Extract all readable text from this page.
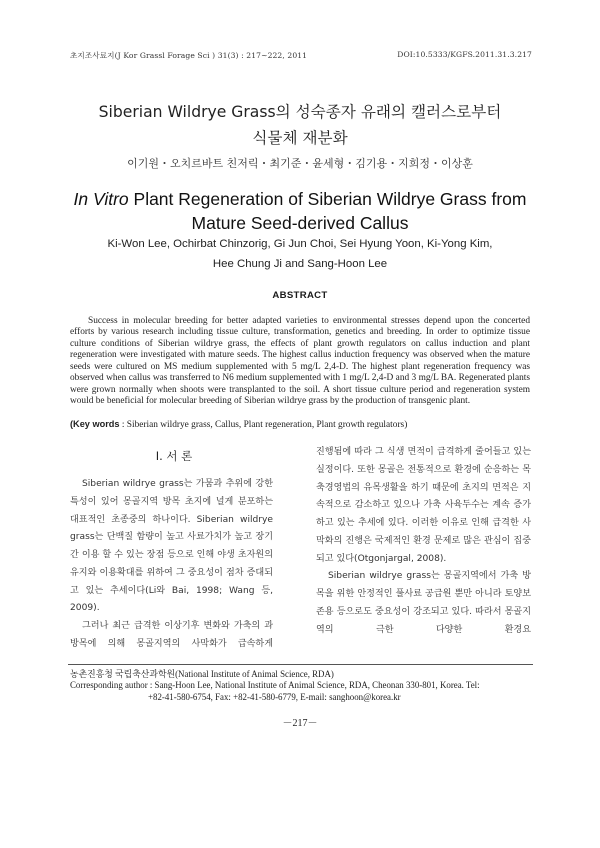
초지조사료지(J Kor Grassl Forage Sci ) 31(3) : 217~222, 2011	DOI:10.5333/KGFS.2011.31.3.217
Siberian Wildrye Grass의 성숙종자 유래의 캘러스로부터
식물체 재분화
이기원・오치르바트 친저릭・최기준・윤세형・김기용・지희정・이상훈
In Vitro Plant Regeneration of Siberian Wildrye Grass from
Mature Seed-derived Callus
Ki-Won Lee, Ochirbat Chinzorig, Gi Jun Choi, Sei Hyung Yoon, Ki-Yong Kim,
Hee Chung Ji and Sang-Hoon Lee
ABSTRACT
Success in molecular breeding for better adapted varieties to environmental stresses depend upon the concerted efforts by various research including tissue culture, transformation, genetics and breeding. In order to optimize tissue culture conditions of Siberian wildrye grass, the effects of plant growth regulators on callus induction and plant regeneration were investigated with mature seeds. The highest callus induction frequency was observed when the mature seeds were cultured on MS medium supplemented with 5 mg/L 2,4-D. The highest plant regeneration frequency was observed when callus was transferred to N6 medium supplemented with 1 mg/L 2,4-D and 3 mg/L BA. Regenerated plants were grown normally when shoots were transplanted to the soil. A short tissue culture period and regeneration system would be beneficial for molecular breeding of Siberian wildrye grass by the production of transgenic plant.
(Key words : Siberian wildrye grass, Callus, Plant regeneration, Plant growth regulators)
Ⅰ. 서 론

Siberian wildrye grass는 가뭄과 추위에 강한 특성이 있어 몽골지역 방목 초지에 널게 분포하는 대표적인 초종중의 하나이다. Siberian wildrye grass는 단백질 함량이 높고 사료가치가 높고 장기간 이용 할 수 있는 장점 등으로 인해 야생 초자원의 유지와 이용확대를 위하여 그 중요성이 점차 증대되고 있는 추세이다(Li와 Bai, 1998; Wang 등, 2009).

그러나 최근 급격한 이상기후 변화와 가축의 과방목에 의해 몽골지역의 사막화가 급속하게

진행됨에 따라 그 식생 면적이 급격하게 줄어들고 있는 실정이다. 또한 몽골은 전통적으로 환경에 순응하는 목축경영법의 유목생활을 하기 때문에 초지의 면적은 지속적으로 감소하고 있으나 가축 사육두수는 계속 증가하고 있는 추세에 있다. 이러한 이유로 인해 급격한 사막화의 진행은 국제적인 환경 문제로 많은 관심이 집중되고 있다(Otgonjargal, 2008).

Siberian wildrye grass는 몽골지역에서 가축 방목을 위한 안정적인 풀사료 공급원 뿐만 아니라 토양보존용 등으로도 중요성이 강조되고 있다. 따라서 몽골지역의 극한 다양한 환경요

농촌진흥청 국립축산과학원(National Institute of Animal Science, RDA)
Corresponding author : Sang-Hoon Lee, National Institute of Animal Science, RDA, Cheonan 330-801, Korea. Tel:
+82-41-580-6754, Fax: +82-41-580-6779, E-mail: sanghoon@korea.kr
－217－
